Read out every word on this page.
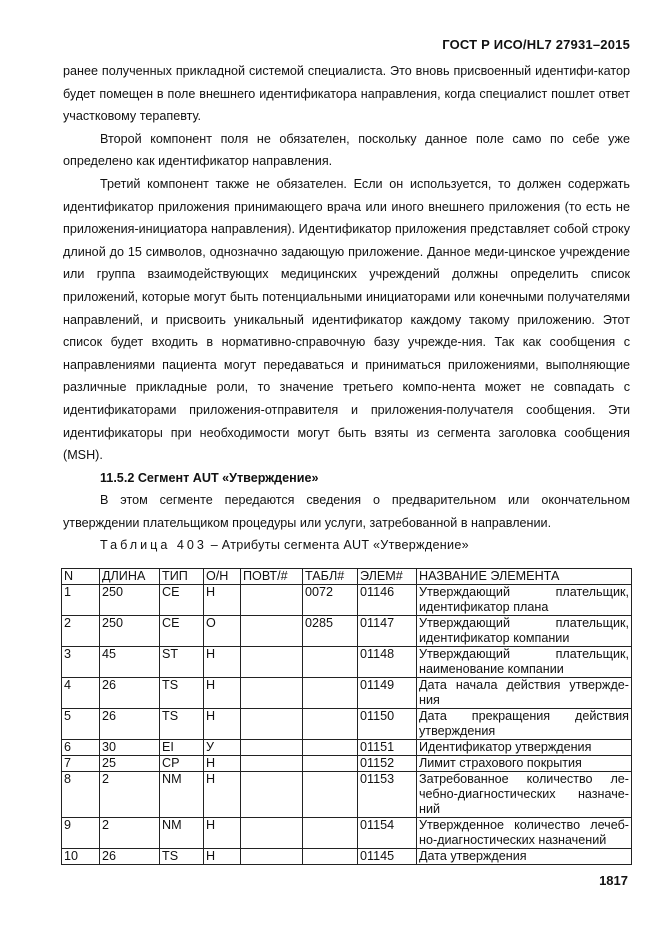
ГОСТ Р ИСО/HL7 27931–2015

ранее полученных прикладной системой специалиста. Это вновь присвоенный идентифи-катор будет помещен в поле внешнего идентификатора направления, когда специалист пошлет ответ участковому терапевту.

Второй компонент поля не обязателен, поскольку данное поле само по себе уже определено как идентификатор направления.

Третий компонент также не обязателен. Если он используется, то должен содержать идентификатор приложения принимающего врача или иного внешнего приложения (то есть не приложения-инициатора направления). Идентификатор приложения представляет собой строку длиной до 15 символов, однозначно задающую приложение. Данное меди-цинское учреждение или группа взаимодействующих медицинских учреждений должны определить список приложений, которые могут быть потенциальными инициаторами или конечными получателями направлений, и присвоить уникальный идентификатор каждому такому приложению. Этот список будет входить в нормативно-справочную базу учрежде-ния. Так как сообщения с направлениями пациента могут передаваться и приниматься приложениями, выполняющие различные прикладные роли, то значение третьего компо-нента может не совпадать с идентификаторами приложения-отправителя и приложения-получателя сообщения. Эти идентификаторы при необходимости могут быть взяты из сегмента заголовка сообщения (MSH).

11.5.2 Сегмент AUT «Утверждение»

В этом сегменте передаются сведения о предварительном или окончательном утверждении плательщиком процедуры или услуги, затребованной в направлении.

Таблица 403 – Атрибуты сегмента AUT «Утверждение»

N	ДЛИНА	ТИП	О/Н	ПОВТ/#	ТАБЛ#	ЭЛЕМ#	НАЗВАНИЕ ЭЛЕМЕНТА
1	250	CE	Н		0072	01146	Утверждающий плательщик, идентификатор плана
2	250	CE	О		0285	01147	Утверждающий плательщик, идентификатор компании
3	45	ST	Н			01148	Утверждающий плательщик, наименование компании
4	26	TS	Н			01149	Дата начала действия утвержде-ния
5	26	TS	Н			01150	Дата прекращения действия утверждения
6	30	EI	У			01151	Идентификатор утверждения
7	25	CP	Н			01152	Лимит страхового покрытия
8	2	NM	Н			01153	Затребованное количество ле-чебно-диагностических назначе-ний
9	2	NM	Н			01154	Утвержденное количество лечеб-но-диагностических назначений
10	26	TS	Н			01145	Дата утверждения
1817
